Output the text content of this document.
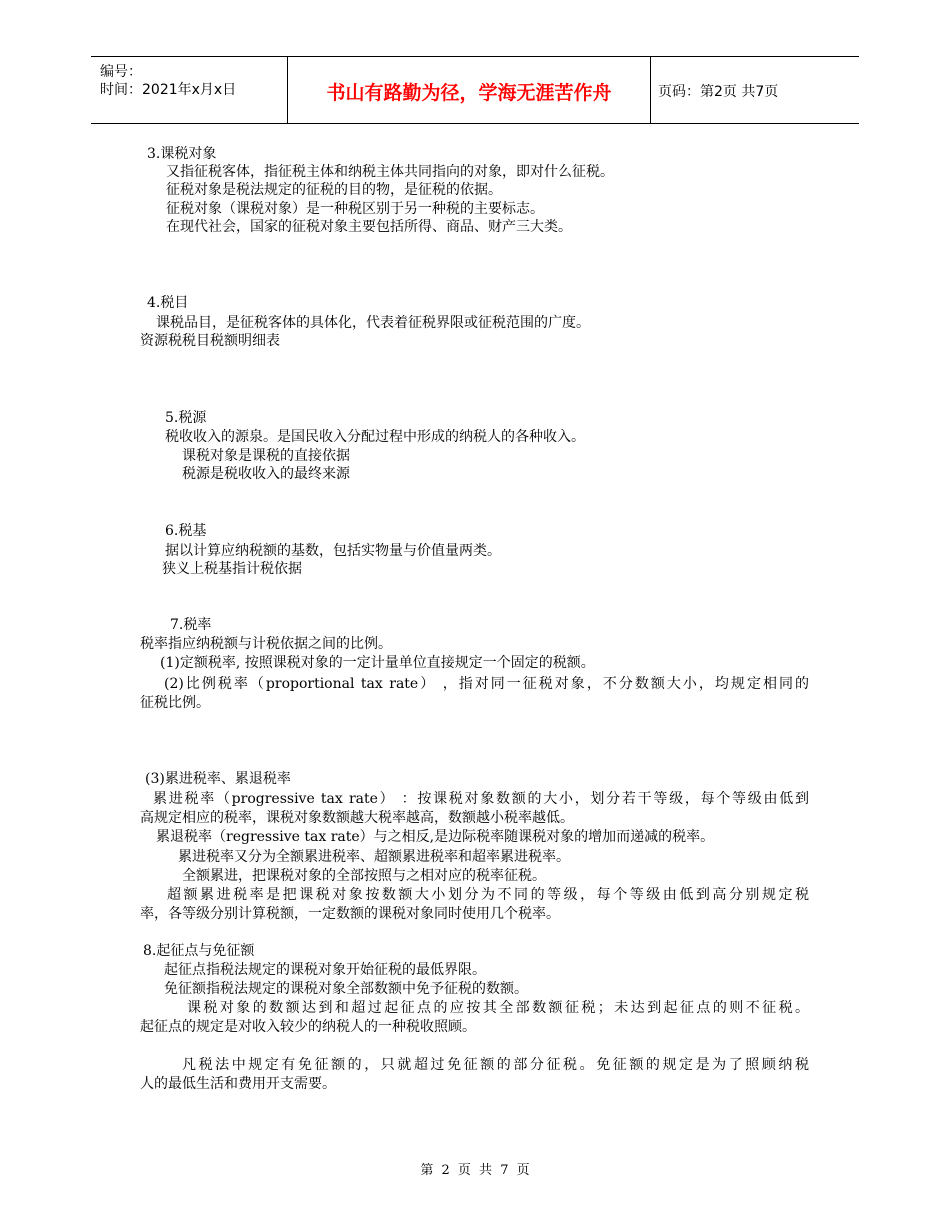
编号：
时间：2021年x月x日	书山有路勤为径，学海无涯苦作舟	页码：第2页 共7页
3.课税对象
又指征税客体，指征税主体和纳税主体共同指向的对象，即对什么征税。
征税对象是税法规定的征税的目的物，是征税的依据。
征税对象（课税对象）是一种税区别于另一种税的主要标志。
在现代社会，国家的征税对象主要包括所得、商品、财产三大类。
4.税目
课税品目，是征税客体的具体化，代表着征税界限或征税范围的广度。
资源税税目税额明细表
5.税源
税收收入的源泉。是国民收入分配过程中形成的纳税人的各种收入。
课税对象是课税的直接依据
税源是税收收入的最终来源
6.税基
据以计算应纳税额的基数，包括实物量与价值量两类。
狭义上税基指计税依据
7.税率
税率指应纳税额与计税依据之间的比例。
(1)定额税率, 按照课税对象的一定计量单位直接规定一个固定的税额。
(2)比例税率（proportional tax rate） ，指对同一征税对象，不分数额大小，均规定相同的
征税比例。
(3)累进税率、累退税率
累进税率（progressive tax rate） ：按课税对象数额的大小，划分若干等级，每个等级由低到
高规定相应的税率，课税对象数额越大税率越高，数额越小税率越低。
累退税率（regressive tax rate）与之相反,是边际税率随课税对象的增加而递减的税率。
累进税率又分为全额累进税率、超额累进税率和超率累进税率。
全额累进，把课税对象的全部按照与之相对应的税率征税。
超额累进税率是把课税对象按数额大小划分为不同的等级，每个等级由低到高分别规定税
率，各等级分别计算税额，一定数额的课税对象同时使用几个税率。
8.起征点与免征额
起征点指税法规定的课税对象开始征税的最低界限。
免征额指税法规定的课税对象全部数额中免予征税的数额。
课税对象的数额达到和超过起征点的应按其全部数额征税；未达到起征点的则不征税。
起征点的规定是对收入较少的纳税人的一种税收照顾。
凡税法中规定有免征额的，只就超过免征额的部分征税。免征额的规定是为了照顾纳税
人的最低生活和费用开支需要。
第 2 页 共 7 页
